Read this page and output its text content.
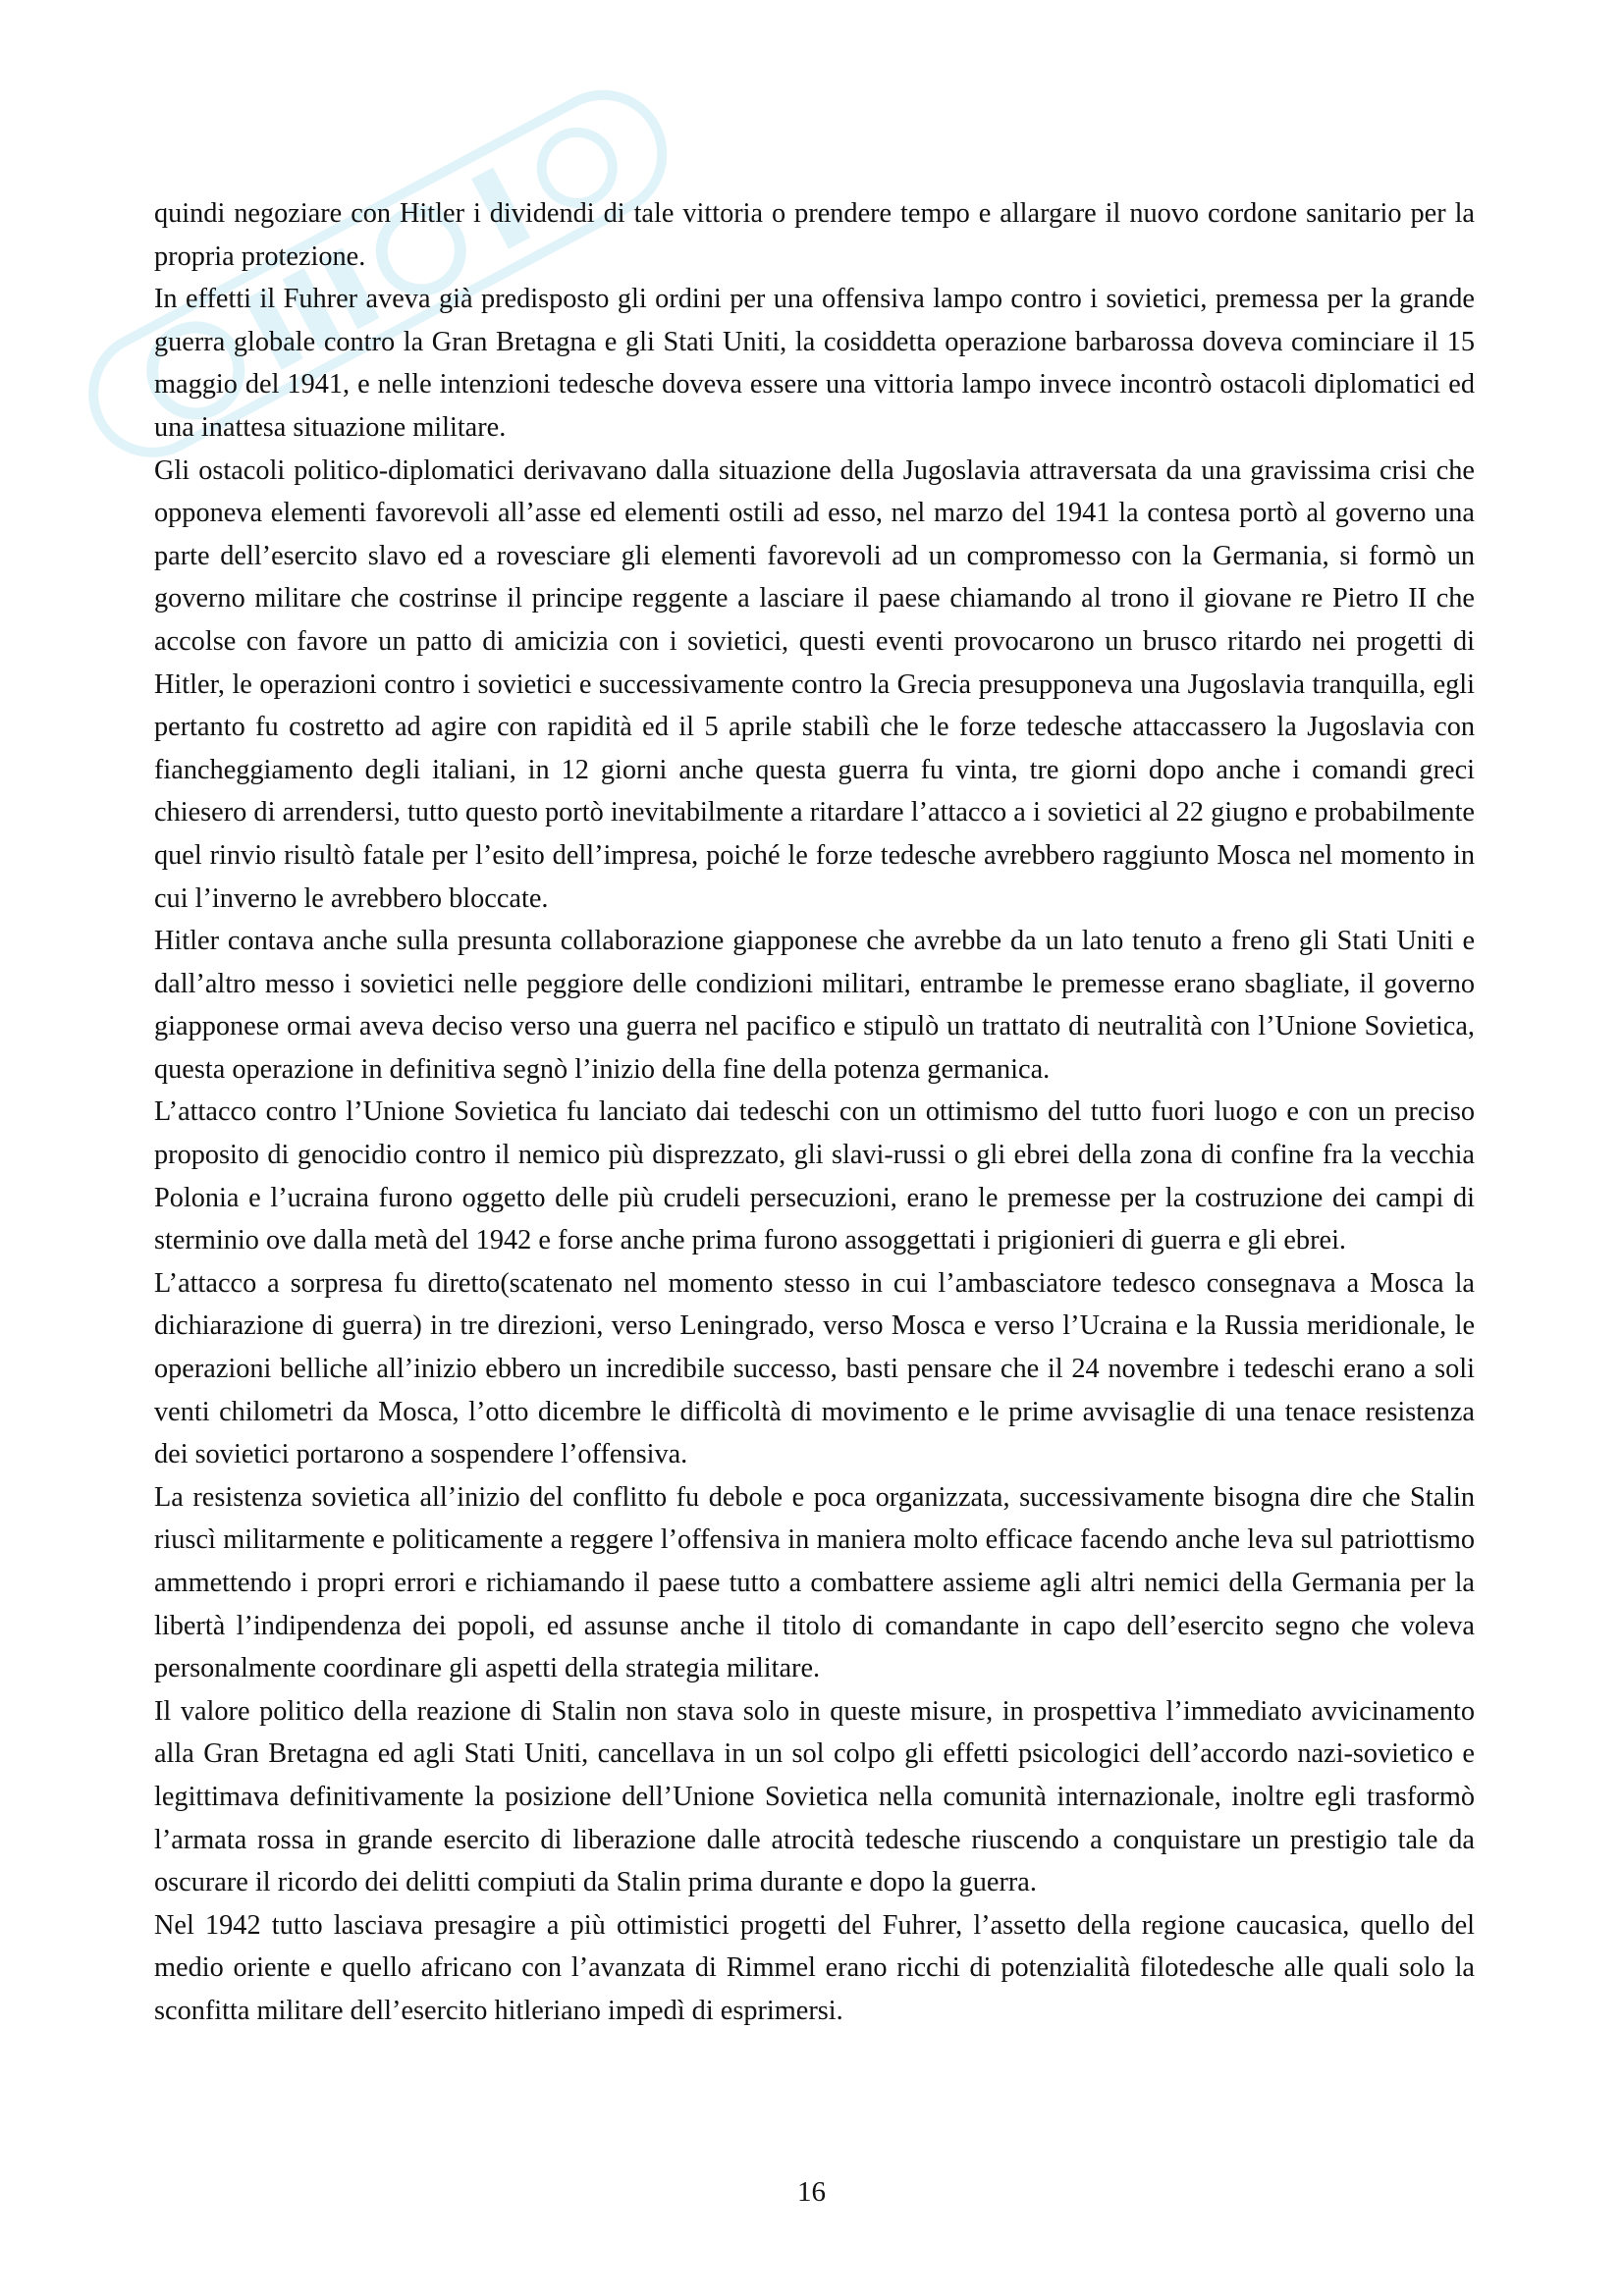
quindi negoziare con Hitler i dividendi di tale vittoria o prendere tempo e allargare il nuovo cordone sanitario per la propria protezione.

In effetti il Fuhrer aveva già predisposto gli ordini per una offensiva lampo contro i sovietici, premessa per la grande guerra globale contro la Gran Bretagna e gli Stati Uniti, la cosiddetta operazione barbarossa doveva cominciare il 15 maggio del 1941, e nelle intenzioni tedesche doveva essere una vittoria lampo invece incontrò ostacoli diplomatici ed una inattesa situazione militare.

Gli ostacoli politico-diplomatici derivavano dalla situazione della Jugoslavia attraversata da una gravissima crisi che opponeva elementi favorevoli all’asse ed elementi ostili ad esso, nel marzo del 1941 la contesa portò al governo una parte dell’esercito slavo ed a rovesciare gli elementi favorevoli ad un compromesso con la Germania, si formò un governo militare che costrinse il principe reggente a lasciare il paese chiamando al trono il giovane re Pietro II che accolse con favore un patto di amicizia con i sovietici, questi eventi provocarono un brusco ritardo nei progetti di Hitler, le operazioni contro i sovietici e successivamente contro la Grecia presupponeva una Jugoslavia tranquilla, egli pertanto fu costretto ad agire con rapidità ed il 5 aprile stabilì che le forze tedesche attaccassero la Jugoslavia con fiancheggiamento degli italiani, in 12 giorni anche questa guerra fu vinta, tre giorni dopo anche i comandi greci chiesero di arrendersi, tutto questo portò inevitabilmente a ritardare l’attacco a i sovietici al 22 giugno e probabilmente quel rinvio risultò fatale per l’esito dell’impresa, poiché le forze tedesche avrebbero raggiunto Mosca nel momento in cui l’inverno le avrebbero bloccate.

Hitler contava anche sulla presunta collaborazione giapponese che avrebbe da un lato tenuto a freno gli Stati Uniti e dall’altro messo i sovietici nelle peggiore delle condizioni militari, entrambe le premesse erano sbagliate, il governo giapponese ormai aveva deciso verso una guerra nel pacifico e stipulò un trattato di neutralità con l’Unione Sovietica, questa operazione in definitiva segnò l’inizio della fine della potenza germanica.

L’attacco contro l’Unione Sovietica fu lanciato dai tedeschi con un ottimismo del tutto fuori luogo e con un preciso proposito di genocidio contro il nemico più disprezzato, gli slavi-russi o gli ebrei della zona di confine fra la vecchia Polonia e l’ucraina furono oggetto delle più crudeli persecuzioni, erano le premesse per la costruzione dei campi di sterminio ove dalla metà del 1942 e forse anche prima furono assoggettati i prigionieri di guerra e gli ebrei.

L’attacco a sorpresa fu diretto(scatenato nel momento stesso in cui l’ambasciatore tedesco consegnava a Mosca la dichiarazione di guerra) in tre direzioni, verso Leningrado, verso Mosca e verso l’Ucraina e la Russia meridionale, le operazioni belliche all’inizio ebbero un incredibile successo, basti pensare che il 24 novembre i tedeschi erano a soli venti chilometri da Mosca, l’otto dicembre le difficoltà di movimento e le prime avvisaglie di una tenace resistenza dei sovietici portarono a sospendere l’offensiva.

La resistenza sovietica all’inizio del conflitto fu debole e poca organizzata, successivamente bisogna dire che Stalin riuscì militarmente e politicamente a reggere l’offensiva in maniera molto efficace facendo anche leva sul patriottismo ammettendo i propri errori e richiamando il paese tutto a combattere assieme agli altri nemici della Germania per la libertà l’indipendenza dei popoli, ed assunse anche il titolo di comandante in capo dell’esercito segno che voleva personalmente coordinare gli aspetti della strategia militare.

Il valore politico della reazione di Stalin non stava solo in queste misure, in prospettiva l’immediato avvicinamento alla Gran Bretagna ed agli Stati Uniti, cancellava in un sol colpo gli effetti psicologici dell’accordo nazi-sovietico e legittimava definitivamente la posizione dell’Unione Sovietica nella comunità internazionale, inoltre egli trasformò l’armata rossa in grande esercito di liberazione dalle atrocità tedesche riuscendo a conquistare un prestigio tale da oscurare il ricordo dei delitti compiuti da Stalin prima durante e dopo la guerra.

Nel 1942 tutto lasciava presagire a più ottimistici progetti del Fuhrer, l’assetto della regione caucasica, quello del medio oriente e quello africano con l’avanzata di Rimmel erano ricchi di potenzialità filotedesche alle quali solo la sconfitta militare dell’esercito hitleriano impedì di esprimersi.

16
